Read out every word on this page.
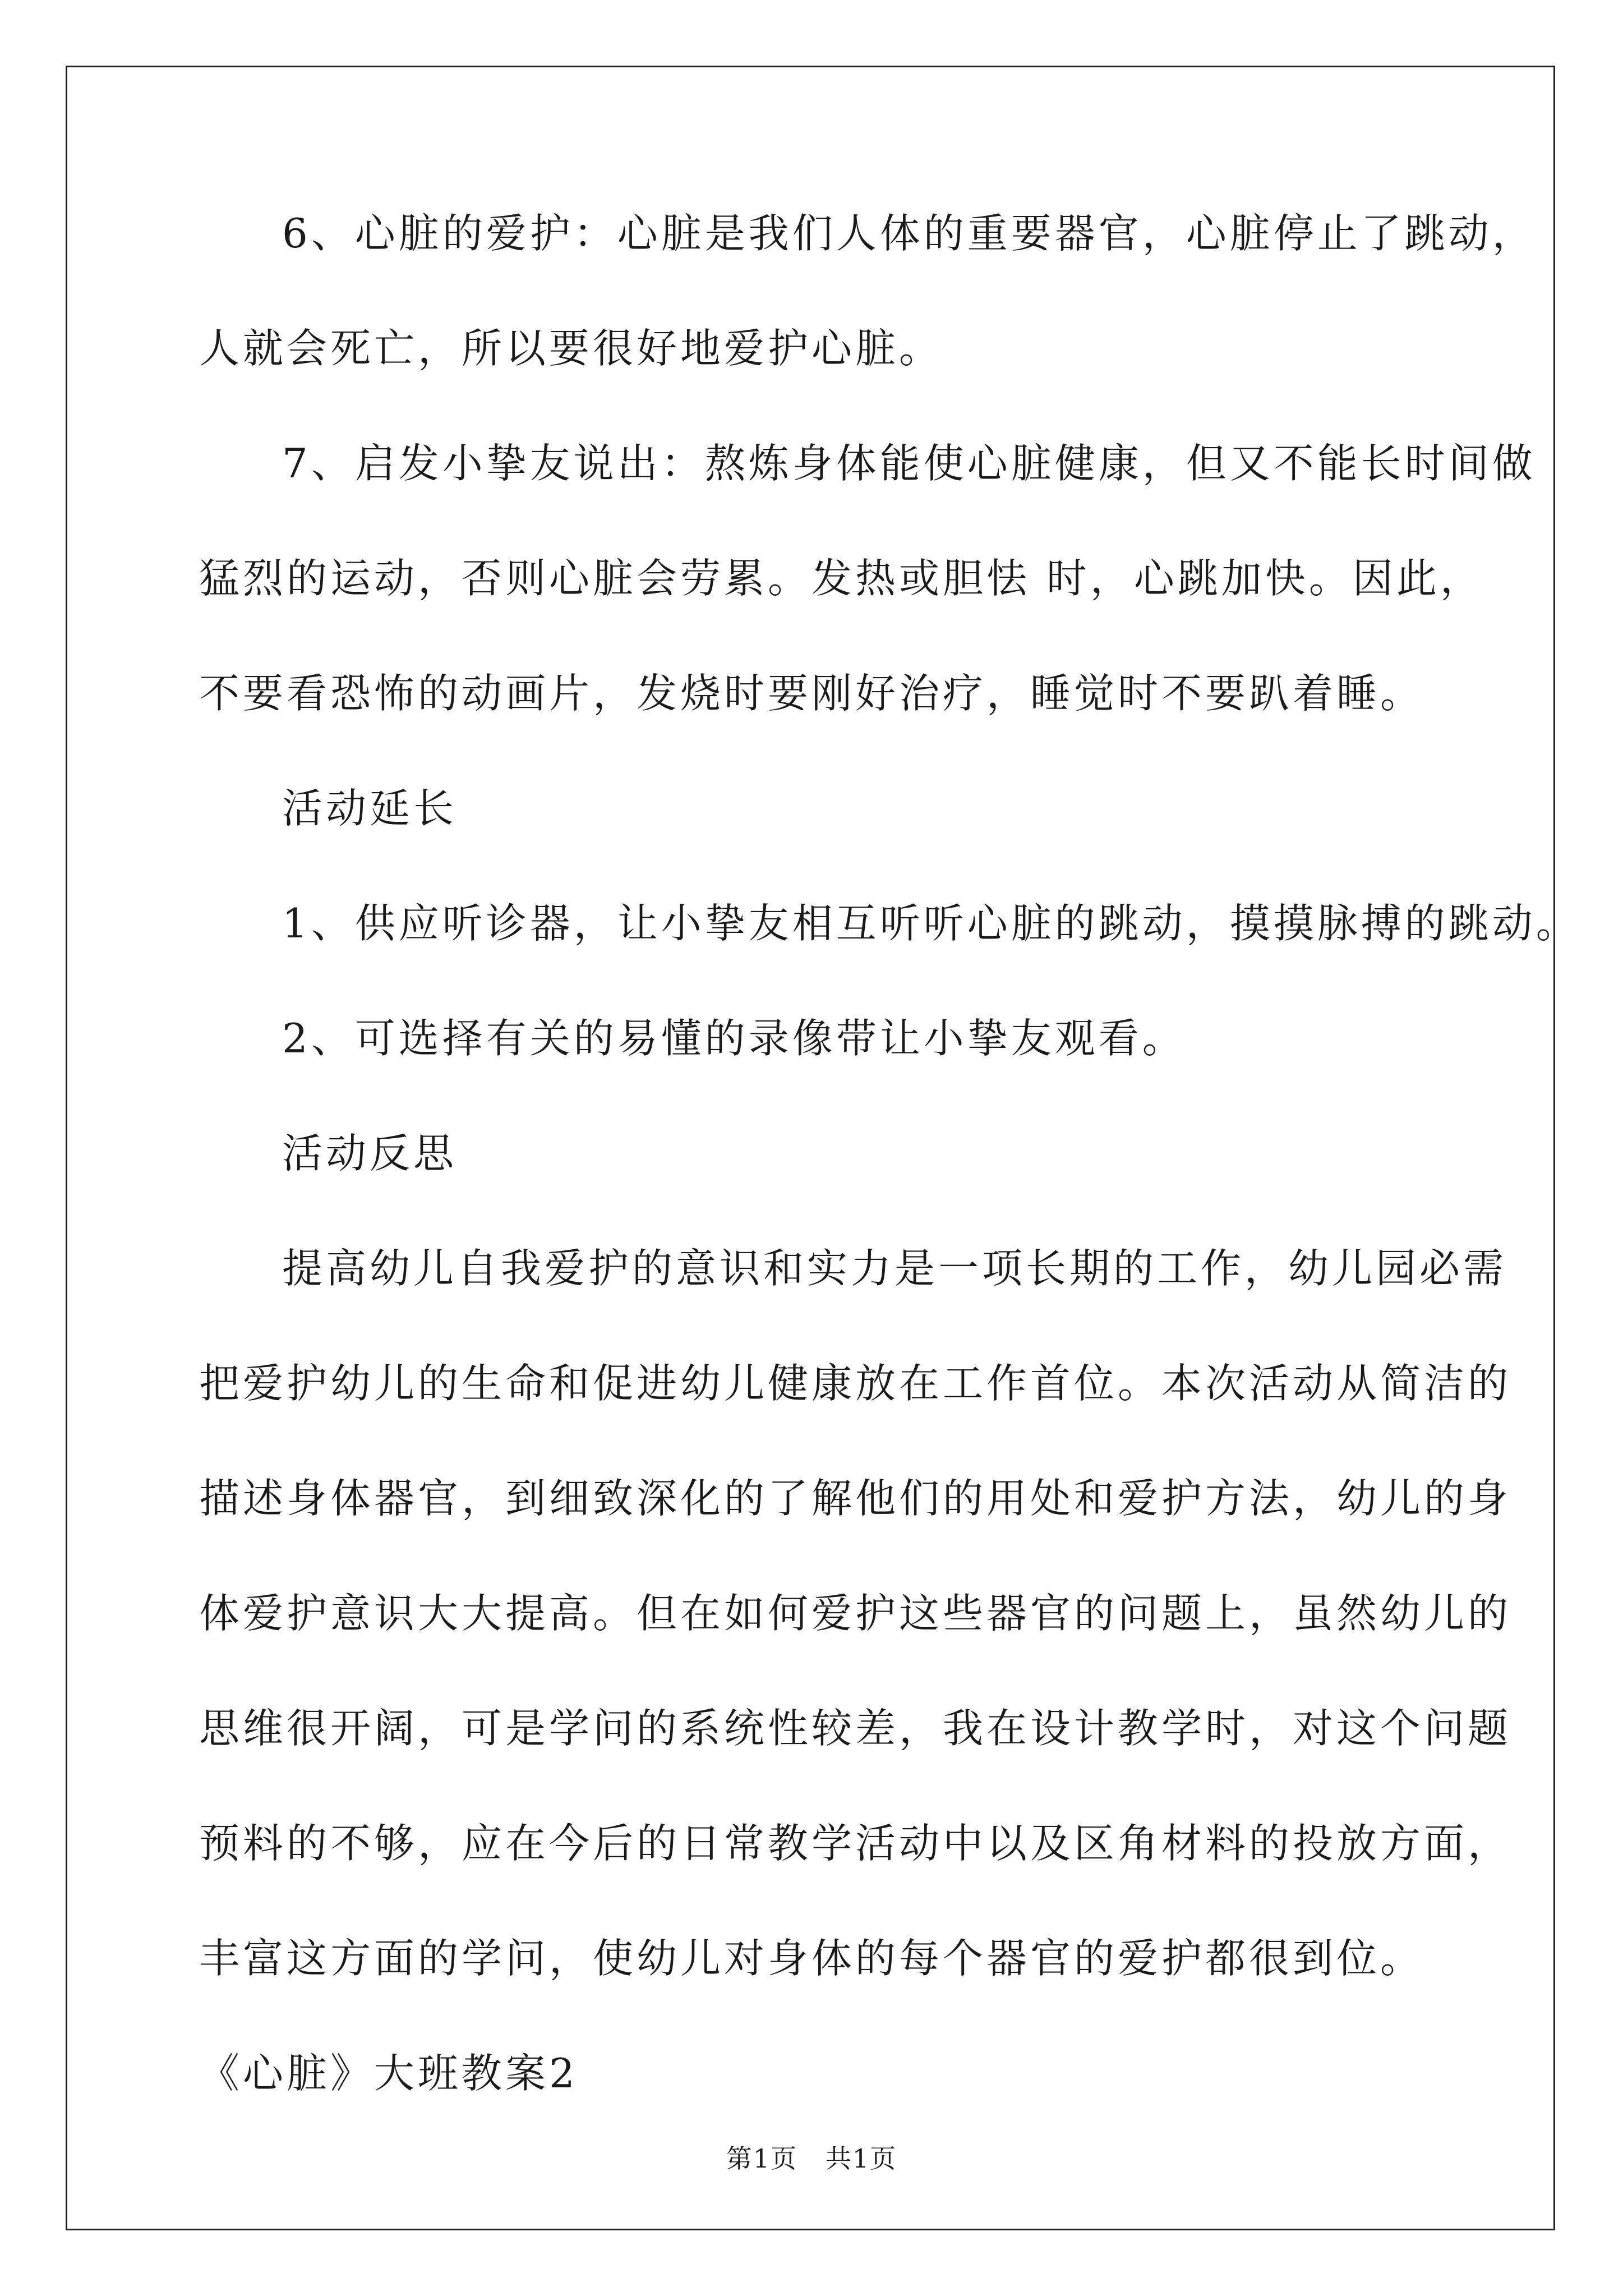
6、心脏的爱护：心脏是我们人体的重要器官，心脏停止了跳动，
人就会死亡，所以要很好地爱护心脏。
7、启发小挚友说出：熬炼身体能使心脏健康，但又不能长时间做
猛烈的运动，否则心脏会劳累。发热或胆怯 时，心跳加快。因此，
不要看恐怖的动画片，发烧时要刚好治疗，睡觉时不要趴着睡。
活动延长
1、供应听诊器，让小挚友相互听听心脏的跳动，摸摸脉搏的跳动。
2、可选择有关的易懂的录像带让小挚友观看。
活动反思
提高幼儿自我爱护的意识和实力是一项长期的工作，幼儿园必需
把爱护幼儿的生命和促进幼儿健康放在工作首位。本次活动从简洁的
描述身体器官，到细致深化的了解他们的用处和爱护方法，幼儿的身
体爱护意识大大提高。但在如何爱护这些器官的问题上，虽然幼儿的
思维很开阔，可是学问的系统性较差，我在设计教学时，对这个问题
预料的不够，应在今后的日常教学活动中以及区角材料的投放方面，
丰富这方面的学问，使幼儿对身体的每个器官的爱护都很到位。
《心脏》大班教案2
第1页   共1页
